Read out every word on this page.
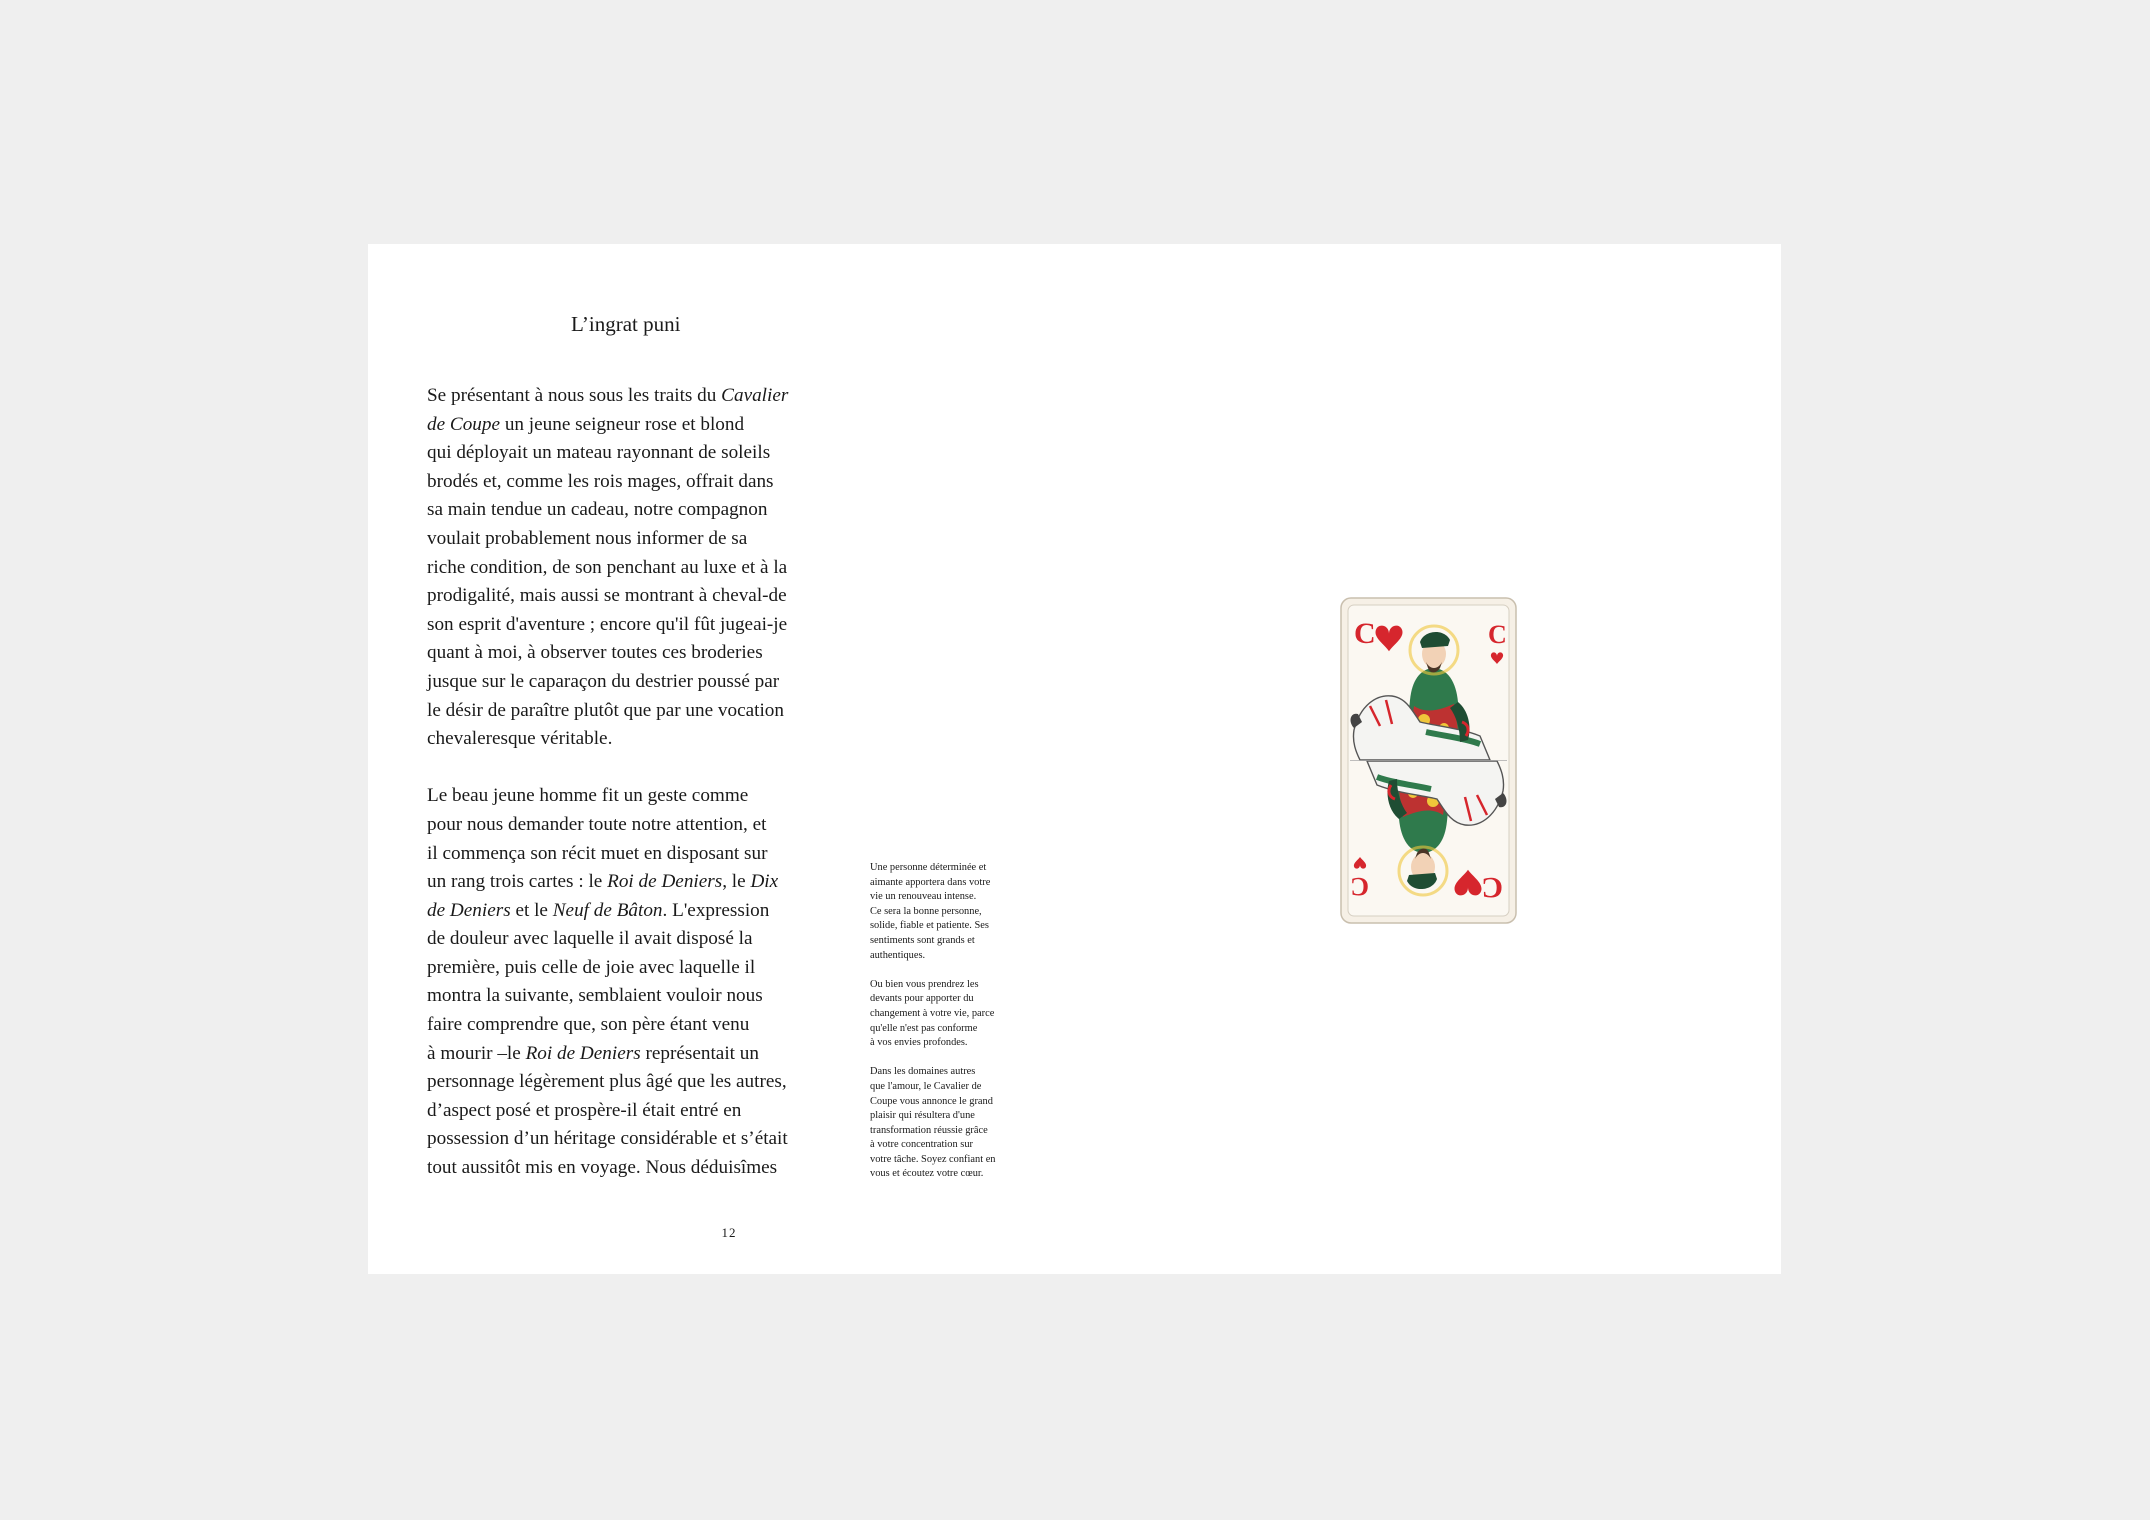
L’ingrat puni

Se présentant à nous sous les traits du Cavalier
de Coupe un jeune seigneur rose et blond
qui déployait un mateau rayonnant de soleils
brodés et, comme les rois mages, offrait dans
sa main tendue un cadeau, notre compagnon
voulait probablement nous informer de sa
riche condition, de son penchant au luxe et à la
prodigalité, mais aussi se montrant à cheval-de
son esprit d'aventure ; encore qu'il fût jugeai-je
quant à moi, à observer toutes ces broderies
jusque sur le caparaçon du destrier poussé par
le désir de paraître plutôt que par une vocation
chevaleresque véritable.

Le beau jeune homme fit un geste comme
pour nous demander toute notre attention, et
il commença son récit muet en disposant sur
un rang trois cartes : le Roi de Deniers, le Dix
de Deniers et le Neuf de Bâton. L'expression
de douleur avec laquelle il avait disposé la
première, puis celle de joie avec laquelle il
montra la suivante, semblaient vouloir nous
faire comprendre que, son père étant venu
à mourir –le Roi de Deniers représentait un
personnage légèrement plus âgé que les autres,
d’aspect posé et prospère-il était entré en
possession d’un héritage considérable et s’était
tout aussitôt mis en voyage. Nous déduisîmes

Une personne déterminée et
aimante apportera dans votre
vie un renouveau intense.
Ce sera la bonne personne,
solide, fiable et patiente. Ses
sentiments sont grands et
authentiques.

Ou bien vous prendrez les
devants pour apporter du
changement à votre vie, parce
qu'elle n'est pas conforme
à vos envies profondes.

Dans les domaines autres
que l'amour, le Cavalier de
Coupe vous annonce le grand
plaisir qui résultera d'une
transformation réussie grâce
à votre concentration sur
votre tâche. Soyez confiant en
vous et écoutez votre cœur.

12
C	C
C
C
